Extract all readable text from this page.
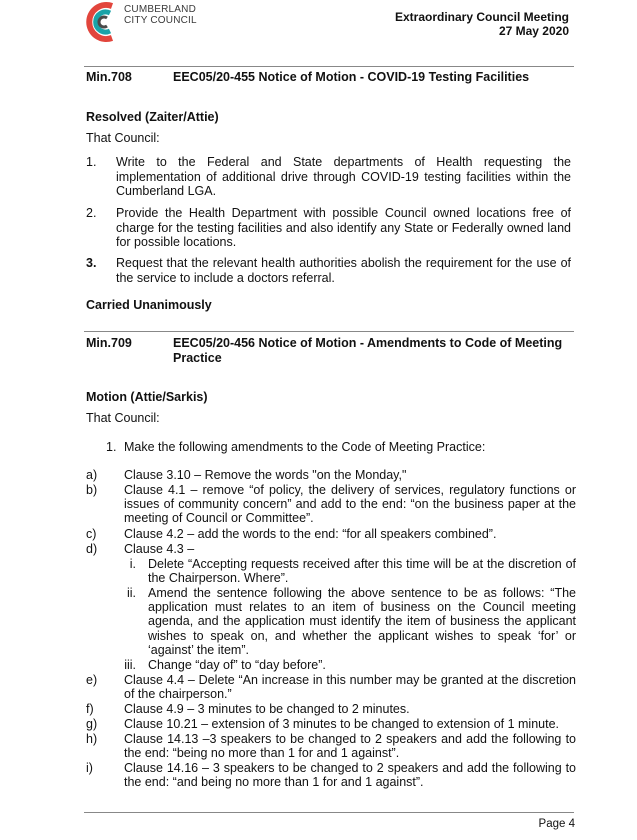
CUMBERLAND
CITY COUNCIL	Extraordinary Council Meeting
27 May 2020
Min.708	EEC05/20-455 Notice of Motion - COVID-19 Testing Facilities
Resolved (Zaiter/Attie)
That Council:
1.	Write to the Federal and State departments of Health requesting the implementation of additional drive through COVID-19 testing facilities within the Cumberland LGA.
2.	Provide the Health Department with possible Council owned locations free of charge for the testing facilities and also identify any State or Federally owned land for possible locations.
3.	Request that the relevant health authorities abolish the requirement for the use of the service to include a doctors referral.
Carried Unanimously
Min.709	EEC05/20-456 Notice of Motion - Amendments to Code of Meeting Practice
Motion (Attie/Sarkis)
That Council:
1. Make the following amendments to the Code of Meeting Practice:
a)	Clause 3.10 – Remove the words "on the Monday,"
b)	Clause 4.1 – remove “of policy, the delivery of services, regulatory functions or issues of community concern” and add to the end: “on the business paper at the meeting of Council or Committee”.
c)	Clause 4.2 – add the words to the end: “for all speakers combined”.
d)	Clause 4.3 –
i. Delete “Accepting requests received after this time will be at the discretion of the Chairperson. Where”.
ii. Amend the sentence following the above sentence to be as follows: “The application must relates to an item of business on the Council meeting agenda, and the application must identify the item of business the applicant wishes to speak on, and whether the applicant wishes to speak ‘for’ or ‘against’ the item”.
iii. Change “day of” to “day before”.
e)	Clause 4.4 – Delete “An increase in this number may be granted at the discretion of the chairperson.”
f)	Clause 4.9 – 3 minutes to be changed to 2 minutes.
g)	Clause 10.21 – extension of 3 minutes to be changed to extension of 1 minute.
h)	Clause 14.13 –3 speakers to be changed to 2 speakers and add the following to the end: “being no more than 1 for and 1 against”.
i)	Clause 14.16 – 3 speakers to be changed to 2 speakers and add the following to the end: “and being no more than 1 for and 1 against”.
Page 4
